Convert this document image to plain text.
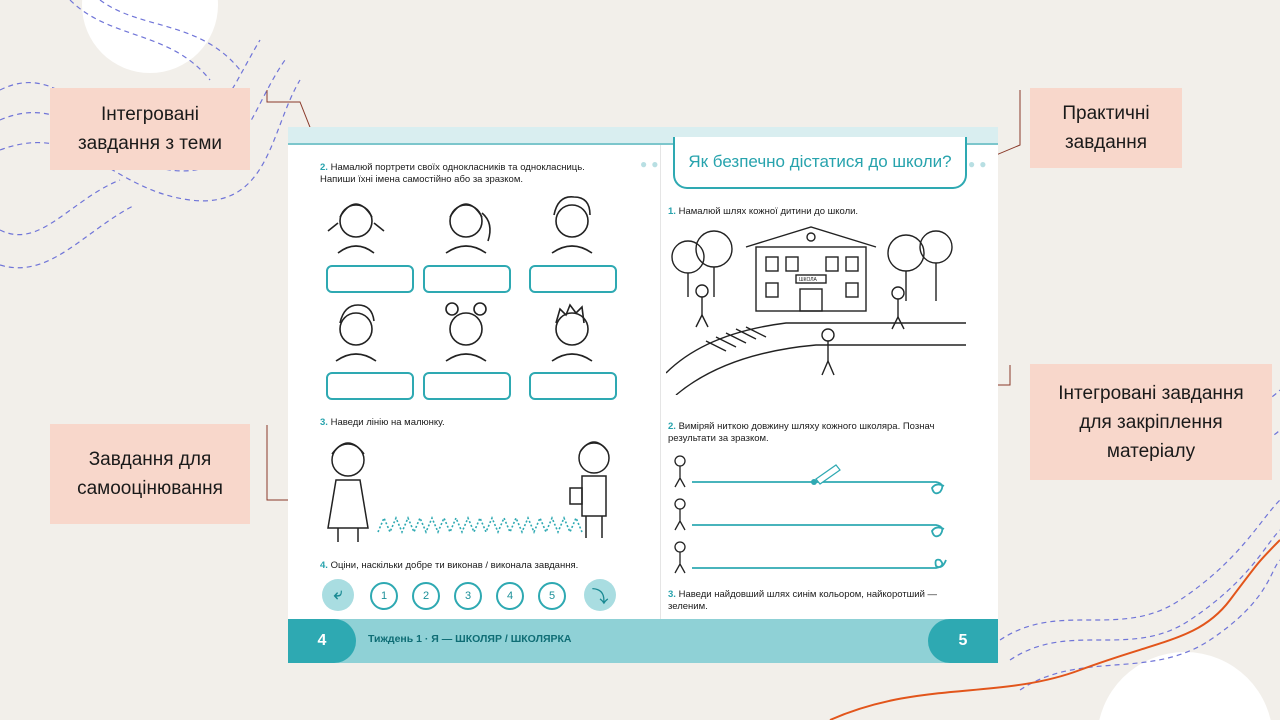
Інтегровані
завдання з теми
Практичні
завдання
Завдання для
самооцінювання
Інтегровані завдання
для закріплення
матеріалу
2. Намалюй портрети своїх однокласників та однокласниць. Напиши їхні імена самостійно або за зразком.
3. Наведи лінію на малюнку.
4. Оціни, наскільки добре ти виконав / виконала завдання.
⤶	1	2	3	4	5	⤵
●●	Як безпечно дістатися до школи?	●●
1. Намалюй шлях кожної дитини до школи.
ШКОЛА
2. Виміряй ниткою довжину шляху кожного школяра. Познач результати за зразком.
3. Наведи найдовший шлях синім кольором, найкоротший — зеленим.
4	Тиждень 1 · Я — ШКОЛЯР / ШКОЛЯРКА	5
